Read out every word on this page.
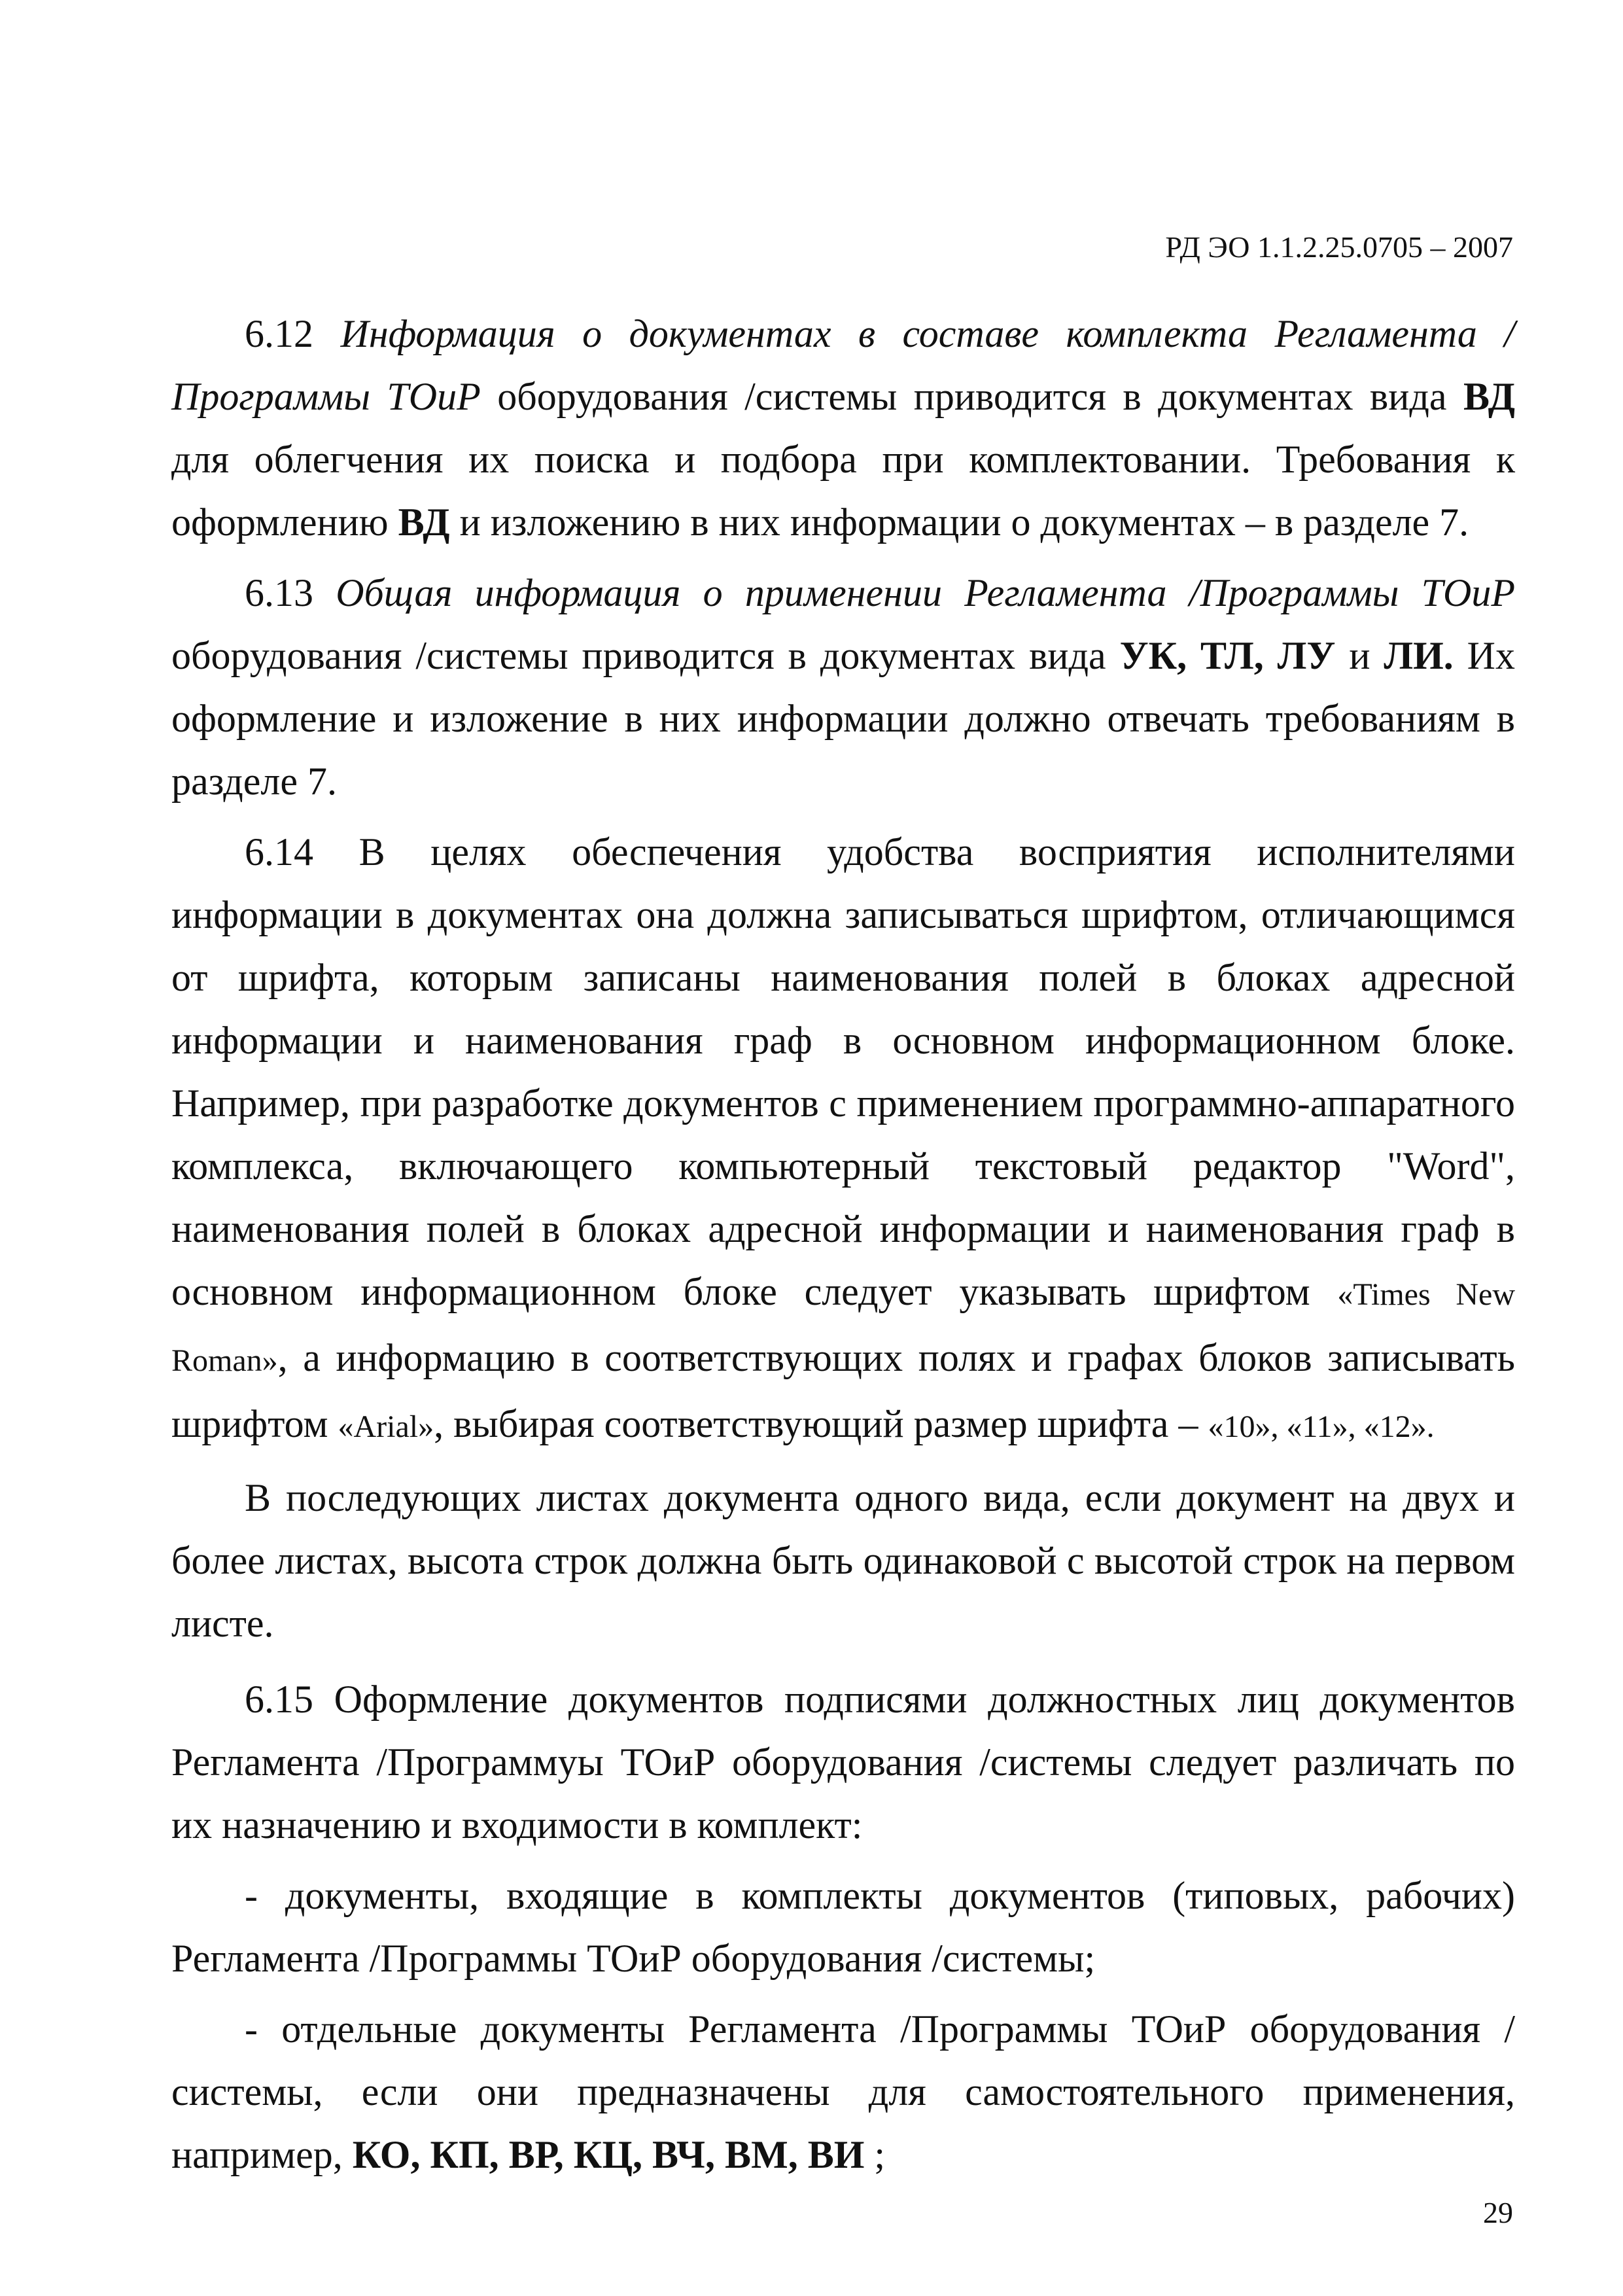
РД ЭО 1.1.2.25.0705 – 2007

6.12 Информация о документах в составе комплекта Регламента /Программы ТОиР оборудования /системы приводится в документах вида ВД для облегчения их поиска и подбора при комплектовании. Требования к оформлению ВД и изложению в них информации о документах – в разделе 7.

6.13 Общая информация о применении Регламента /Программы ТОиР оборудования /системы приводится в документах вида УК, ТЛ, ЛУ и ЛИ. Их оформление и изложение в них информации должно отвечать требованиям в разделе 7.

6.14 В целях обеспечения удобства восприятия исполнителями информации в документах она должна записываться шрифтом, отличающимся от шрифта, которым записаны наименования полей в блоках адресной информации и наименования граф в основном информационном блоке. Например, при разработке документов с применением программно-аппаратного комплекса, включающего компьютерный текстовый редактор "Word", наименования полей в блоках адресной информации и наименования граф в основном информационном блоке следует указывать шрифтом «Times New Roman», а информацию в соответствующих полях и графах блоков записывать шрифтом «Arial», выбирая соответствующий размер шрифта – «10», «11», «12».

В последующих листах документа одного вида, если документ на двух и более листах, высота строк должна быть одинаковой с высотой строк на первом листе.

6.15 Оформление документов подписями должностных лиц документов Регламента /Программуы ТОиР оборудования /системы следует различать по их назначению и входимости в комплект:

- документы, входящие в комплекты документов (типовых, рабочих) Регламента /Программы ТОиР оборудования /системы;

- отдельные документы Регламента /Программы ТОиР оборудования /системы, если они предназначены для самостоятельного применения, например, КО, КП, ВР, КЦ, ВЧ, ВМ, ВИ ;

29
